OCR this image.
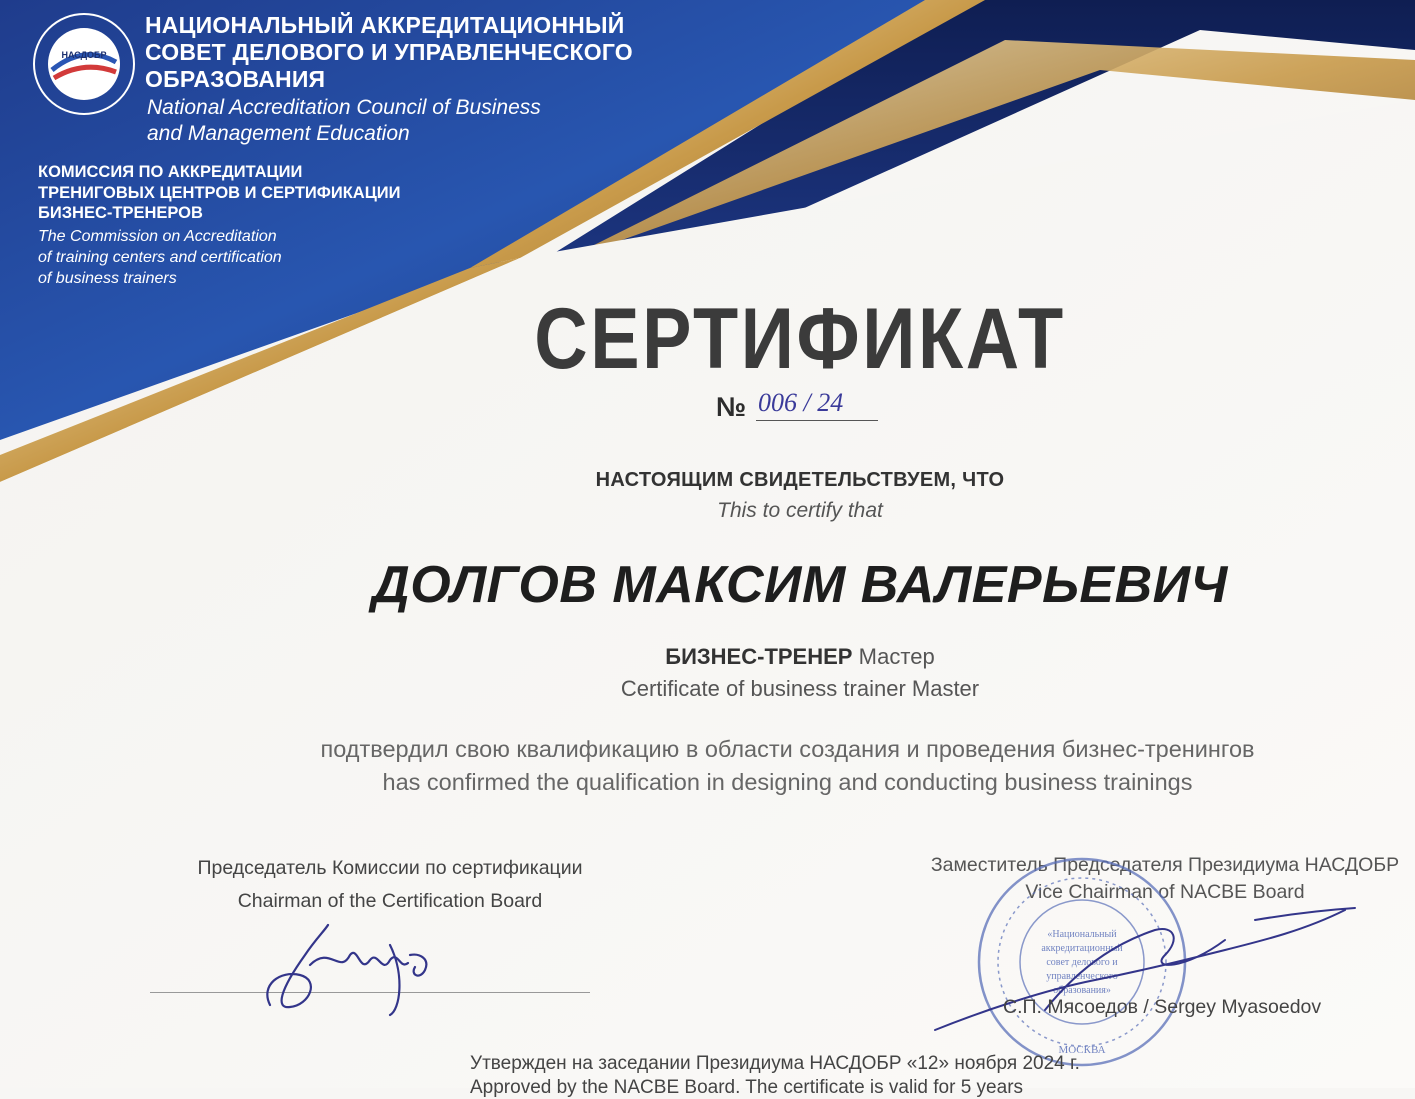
НАСДОБР
НАЦИОНАЛЬНЫЙ АККРЕДИТАЦИОННЫЙ
СОВЕТ ДЕЛОВОГО И УПРАВЛЕНЧЕСКОГО
ОБРАЗОВАНИЯ
National Accreditation Council of Business
and Management Education
КОМИССИЯ ПО АККРЕДИТАЦИИ
ТРЕНИГОВЫХ ЦЕНТРОВ И СЕРТИФИКАЦИИ
БИЗНЕС-ТРЕНЕРОВ
The Commission on Accreditation
of training centers and certification
of business trainers
СЕРТИФИКАТ
№ 006 / 24
НАСТОЯЩИМ СВИДЕТЕЛЬСТВУЕМ, ЧТО
This to certify that
ДОЛГОВ МАКСИМ ВАЛЕРЬЕВИЧ
БИЗНЕС-ТРЕНЕР Мастер
Certificate of business trainer Master
подтвердил свою квалификацию в области создания и проведения бизнес-тренингов
has confirmed the qualification in designing and conducting business trainings
Председатель Комиссии по сертификации
Chairman of the Certification Board
Заместитель Председателя Президиума НАСДОБР
Vice Chairman of NACBE Board
«Национальный
аккредитационный
совет делового и
управленческого
образования»
МОСКВА
С.П. Мясоедов / Sergey Myasoedov
Утвержден на заседании Президиума НАСДОБР «12» ноября 2024 г.
Approved by the NACBE Board. The certificate is valid for 5 years
